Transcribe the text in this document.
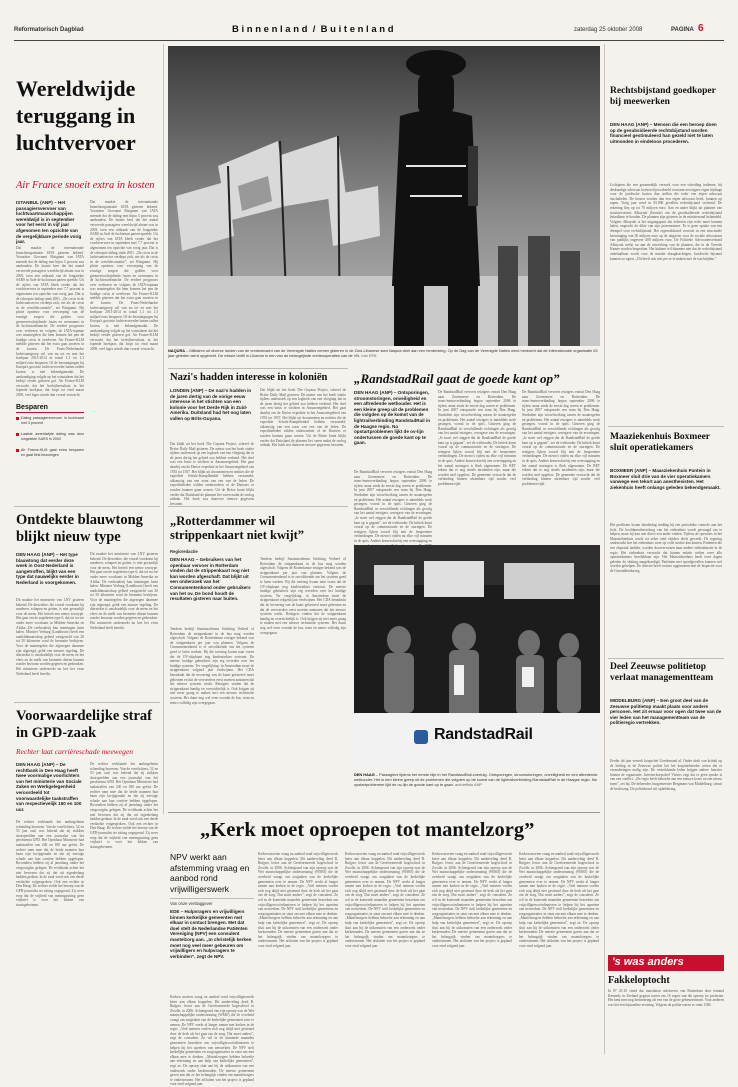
Reformatorisch Dagblad	B i n n e n l a n d  /  B u i t e n l a n d	zaterdag 25 oktober 2008	PAGINA 6
Wereldwijde teruggang in luchtvervoer
Air France snoeit extra in kosten
ISTANBUL (ANP) – Het passagiersvervoer van luchtvaartmaatschappijen wereldwijd is in september voor het eerst in vijf jaar afgenomen ten opzichte van de vergelijkbare periode vorig jaar.
Dat maakte de internationale brancheorganisatie IATA gisteren bekend. Voorzitter Giovanni Bisignani van IATA meende dat de daling met bijna 3 procent zou aanhouden. De laatste keer dat het aantal vervoerde passagiers wereldwijd afnam was in 2003, toen een uitbraak van de longziekte SARS in Azië de luchtvaart parten speelde. Uit de cijfers van IATA bleek verder dat het vrachtvervoer in september met 7,7 procent is afgenomen ten opzichte van vorig jaar. Dat is de scherpste daling sinds 2001. „De crisis in de luchtvaartsector verdiept zich, net als de crisis in de wereldeconomie”, zei Bisignani. Hij plotte opnieuw voor verwerping van de ernstige zorgen die golden voor grenzeverschrijdende fusies en overnames in de luchtvaartbranche. De eerdere prognoses over verliezen en volgens de IATA-topman was maatregelen die hem konnen het pen de huidige crisis te overleven. Air France-KLM meldde gisteren dat het extra gaat snoeien in de kosten. De Frans-Nederlandse luchtvaartgroep wil van nu tot en met het boekjaar 2013-2014 in totaal 1,1 tot 1,3 miljard euro besparen. Of de bezuinigingen bij Europa's grootste luchtvervoerder banen zullen kosten, is niet bekendgemaakt. De aankondiging volgde op het winstalarm dat het bedrijf eerder gisteren gaf. Air France-KLM verwacht dat het bedrijfsresultaat in het lopende boekjaar, dat loopt tot eind maart 2009, veel lager uitvalt dan vooraf verwacht.
Dat maakte de internationale brancheorganisatie IATA gisteren bekend. Voorzitter Giovanni Bisignani van IATA meende dat de daling met bijna 3 procent zou aanhouden. De laatste keer dat het aantal vervoerde passagiers wereldwijd afnam was in 2003, toen een uitbraak van de longziekte SARS in Azië de luchtvaart parten speelde. Uit de cijfers van IATA bleek verder dat het vrachtvervoer in september met 7,7 procent is afgenomen ten opzichte van vorig jaar. Dat is de scherpste daling sinds 2001. „De crisis in de luchtvaartsector verdiept zich, net als de crisis in de wereldeconomie”, zei Bisignani. Hij plotte opnieuw voor verwerping van de ernstige zorgen die golden voor grenzeverschrijdende fusies en overnames in de luchtvaartbranche. De eerdere prognoses over verliezen en volgens de IATA-topman was maatregelen die hem konnen het pen de huidige crisis te overleven. Air France-KLM meldde gisteren dat het extra gaat snoeien in de kosten. De Frans-Nederlandse luchtvaartgroep wil van nu tot en met het boekjaar 2013-2014 in totaal 1,1 tot 1,3 miljard euro besparen. Of de bezuinigingen bij Europa's grootste luchtvervoerder banen zullen kosten, is niet bekendgemaakt. De aankondiging volgde op het winstalarm dat het bedrijf eerder gisteren gaf. Air France-KLM verwacht dat het bedrijfsresultaat in het lopende boekjaar, dat loopt tot eind maart 2009, veel lager uitvalt dan vooraf verwacht.
Besparen
Daling passagiersvervoer in luchtvaart met 3 procent
Laatste wereldwijde daling was door longziekte SARS in 2003
Air France-KLM gaat extra besparen en gaat flink bezuinigen
Ontdekte blauwtong blijkt nieuw type
DEN HAAG (ANP) – Het type blauwtong dat eerder deze week in Oost-Nederland is aangetroffen, blijkt van een type dat nauwelijks eerder in Nederland is voorgekomen.
Dit maakte het ministerie van LNV gisteren bekend. De dierziekte, die vooral voorkomt bij runderen, schapen en geiten, is niet gevaarlijk voor de mens. Het betreft een nieuw serotype. Het gaat om de zogeheten type 6, dat tot nu toe onder meer voorkomt in Midden-Amerika en Afrika. De veehouderij kan inentingen laten halen. Minister Verburg (Landbouw) heeft een raadslidmaatschap gebied vastgesteld van 20 tot 50 kilometer rond de besmette bedrijven. Voor de maatregelen die afgezegen daarmee zijn afgezegd, geldt een nieuwe regeling. De dierziekte is onschadelijk voor de mens en het vlees en de melk van besmette dieren kunnen zonder bezwaar worden gegeten en gedronken. Het ministerie onderzoekt nu hoe het virus Nederland heeft bereikt.
Dit maakte het ministerie van LNV gisteren bekend. De dierziekte, die vooral voorkomt bij runderen, schapen en geiten, is niet gevaarlijk voor de mens. Het betreft een nieuw serotype. Het gaat om de zogeheten type 6, dat tot nu toe onder meer voorkomt in Midden-Amerika en Afrika. De veehouderij kan inentingen laten halen. Minister Verburg (Landbouw) heeft een raadslidmaatschap gebied vastgesteld van 20 tot 50 kilometer rond de besmette bedrijven. Voor de maatregelen die afgezegen daarmee zijn afgezegd, geldt een nieuwe regeling. De dierziekte is onschadelijk voor de mens en het vlees en de melk van besmette dieren kunnen zonder bezwaar worden gegeten en gedronken. Het ministerie onderzoekt nu hoe het virus Nederland heeft bereikt.
Voorwaardelijke straf in GPD-zaak
Rechter laat carrièreschade meewegen
DEN HAAG (ANP) – De rechtbank in Den Haag heeft twee voormalige voorlichters van het ministerie van Sociale Zaken en Werkgelegenheid veroordeeld tot voorwaardelijke taakstraffen van respectievelijk 150 en 100 uur.
De rechter verklaarde het ambtsgeheim schending bewezen. Van de voorlichters, 52 en 53 jaar oud, was bekend dat zij stukken doorspeelden aan een journalist van het persbureau GPD. Het Openbaar Ministerie had taakstraffen van 240 en 180 uur geëist. De rechter nam mee dat de beide mannen hun baan zijn kwijtgeraakt en dat zij ernstige schade aan hun carrière hebben opgelopen. Bovendien hebben zij al jarenlang onder het vergrootglas gelegen. De rechtbank achtte het niet bewezen dat zij dat uit eigenbelang hadden gedaan. In de zaak werd ook een derde verdachte vrijgesproken. Ook een rechter in Den Haag: De rechter stelde het beroep van de GPD-journalist ter zitting ongegrond. Zij wees erop dat de vrijheid van meningsuiting geen vrijbrief is voor het lekken van staatsgeheimen.
De rechter verklaarde het ambtsgeheim schending bewezen. Van de voorlichters, 52 en 53 jaar oud, was bekend dat zij stukken doorspeelden aan een journalist van het persbureau GPD. Het Openbaar Ministerie had taakstraffen van 240 en 180 uur geëist. De rechter nam mee dat de beide mannen hun baan zijn kwijtgeraakt en dat zij ernstige schade aan hun carrière hebben opgelopen. Bovendien hebben zij al jarenlang onder het vergrootglas gelegen. De rechtbank achtte het niet bewezen dat zij dat uit eigenbelang hadden gedaan. In de zaak werd ook een derde verdachte vrijgesproken. Ook een rechter in Den Haag: De rechter stelde het beroep van de GPD-journalist ter zitting ongegrond. Zij wees erop dat de vrijheid van meningsuiting geen vrijbrief is voor het lekken van staatsgeheimen.
NAQURA – Militairen uit diverse landen van de vredesmacht van de Verenigde Naties nemen gisteren in de Zuid-Libanese stad Naqura deel aan een herdenking. Op de Dag van de Verenigde Naties werd herdacht dat de internationale organisatie 63 jaar geleden werd opgericht. De missie Unifil in Libanon is een van de belangrijkste vredesoperaties van de VN. foto EPA
Nazi's hadden interesse in koloniën
LONDEN (ANP) – De nazi's hadden in de jaren dertig van de vorige eeuw interesse in het stichten van een kolonie voor het Derde Rijk in Zuid-Amerika. Duitsland had het oog laten vallen op Brits-Guyana.
Dat blijkt uit het boek The Guyana Project, schreef de Britse Daily Mail gisteren. De auteur van het boek stuitte tijdens onderzoek op een logboek van een vliegtuig dat in de jaren dertig het gebied zou hebben verkend. Het doel was een basis te stichten in Amazonegebied. Het gaat daarbij om de Duitse expeditie in het Amazonegebied van 1935 tot 1937. Het blijkt uit documenten en notities die de expeditie Schulz-Kampfhenkel hebben verzameld, afkomstig van een zoon van een van de leden. De expeditieleden wilden onderzoeken of de Duitsers er zouden kunnen gaan wonen. Uit de Britse krant blijkt verder dat Duitsland de plannen liet varen nadat de oorlog uitbrak. Het boek zou daarover nieuwe gegevens bevatten.
Dat blijkt uit het boek The Guyana Project, schreef de Britse Daily Mail gisteren. De auteur van het boek stuitte tijdens onderzoek op een logboek van een vliegtuig dat in de jaren dertig het gebied zou hebben verkend. Het doel was een basis te stichten in Amazonegebied. Het gaat daarbij om de Duitse expeditie in het Amazonegebied van 1935 tot 1937. Het blijkt uit documenten en notities die de expeditie Schulz-Kampfhenkel hebben verzameld, afkomstig van een zoon van een van de leden. De expeditieleden wilden onderzoeken of de Duitsers er zouden kunnen gaan wonen. Uit de Britse krant blijkt verder dat Duitsland de plannen liet varen nadat de oorlog uitbrak. Het boek zou daarover nieuwe gegevens bevatten.
„Rotterdammer wil strippenkaart niet kwijt”
Regioredactie
DEN HAAG – Gebruikers van het openbaar vervoer in Rotterdam vinden dat de strippenkaart nog niet kan worden afgeschaft. Dat blijkt uit een onderzoek van het Consumentenbond onder gebruikers van het ov. De bond houdt de resultaten gisteren naar buiten.
Tendens bedrijf Staatsmotbeum Stichting Verbeel of Rotterdam de strippenkaart in de bus mag worden afgeschaft. Volgens de Rotterdamse reiziger bekend was de strippenkaart per jaar van plannen. Volgens de Consumentenbond is er onvoldoende om het systeem goed te laten werken. Bij die toetsing kwam naar voren dat de OV-chipkaart nog kinderziektes vertoont. De meeste huidige gebruikers zijn erg tevreden over het huidige systeem. Ter vergelijking: in Amsterdam moet de strippenkaart volgend jaar verdwijnen. Het CDA benadrukt dat de invoering van de kaart gefaseerd moet gebeuren en dat de vervoerders eerst moeten aantonen dat het nieuwe systeem werkt. Reizigers vinden dat de strippenkaart handig en overzichtelijk is. Ook krijgen zij niet meer graag te maken met een nieuwe technische systeem. Het duurt nog wel even voordat de bus, tram en metro volledig zijn overgegaan.
Tendens bedrijf Staatsmotbeum Stichting Verbeel of Rotterdam de strippenkaart in de bus mag worden afgeschaft. Volgens de Rotterdamse reiziger bekend was de strippenkaart per jaar van plannen. Volgens de Consumentenbond is er onvoldoende om het systeem goed te laten werken. Bij die toetsing kwam naar voren dat de OV-chipkaart nog kinderziektes vertoont. De meeste huidige gebruikers zijn erg tevreden over het huidige systeem. Ter vergelijking: in Amsterdam moet de strippenkaart volgend jaar verdwijnen. Het CDA benadrukt dat de invoering van de kaart gefaseerd moet gebeuren en dat de vervoerders eerst moeten aantonen dat het nieuwe systeem werkt. Reizigers vinden dat de strippenkaart handig en overzichtelijk is. Ook krijgen zij niet meer graag te maken met een nieuwe technische systeem. Het duurt nog wel even voordat de bus, tram en metro volledig zijn overgegaan.
„RandstadRail gaat de goede kant op”
DEN HAAG (ANP) – Ontsporingen, stroomstoringen, onveiligheid en een aftredende wethouder. Het is een kleine greep uit de problemen die volgden op de komst van de lightrailverbinding RandstadRail in de Haagse regio. Na opstartproblemen lijkt de ov-lijn ondertussen de goede kant op te gaan.
De RandstadRail vervoert reizigers vanuit Den Haag naar Zoetermeer en Rotterdam. De tram-/metroverbinding begon september 2006 te rijden, maar sinds de eerste dag waren er problemen. In juni 2007 ontspoorde een tram bij Den Haag. Sindsdien zijn wisselwerking tussen de maatregelen en problemen. Het aantal reizigers is inmiddels sterk gestegen, vooral in de spits. Gisteren ging de RandstadRail in verschillende richtingen als gevolg van het aantal reizigers, weergave van de ervaringen. „Je moet wel zeggen dat de RandstadRail de goede kant op is gegaan”, zei de wethouder. De kritiek komt vooral op de communicatie en de storingen. De reizigers lijken vooral blij met de frequentere verbindingen. De metro's rijden nu elke vijf minuten in de spits. Andere komen dan bij een overstapping en
De RandstadRail vervoert reizigers vanuit Den Haag naar Zoetermeer en Rotterdam. De tram-/metroverbinding begon september 2006 te rijden, maar sinds de eerste dag waren er problemen. In juni 2007 ontspoorde een tram bij Den Haag. Sindsdien zijn wisselwerking tussen de maatregelen en problemen. Het aantal reizigers is inmiddels sterk gestegen, vooral in de spits. Gisteren ging de RandstadRail in verschillende richtingen als gevolg van het aantal reizigers, weergave van de ervaringen. „Je moet wel zeggen dat de RandstadRail de goede kant op is gegaan”, zei de wethouder. De kritiek komt vooral op de communicatie en de storingen. De reizigers lijken vooral blij met de frequentere verbindingen. De metro's rijden nu elke vijf minuten in de spits. Andere komen dan bij een overstapping en het aantal storingen is flink afgenomen. De RET erkent dat er nog steeds incidenten zijn, maar die worden snel opgelost. De gemeente verwacht dat de verbinding binnen afzienbare tijd zonder veel problemen rijdt.
De RandstadRail vervoert reizigers vanuit Den Haag naar Zoetermeer en Rotterdam. De tram-/metroverbinding begon september 2006 te rijden, maar sinds de eerste dag waren er problemen. In juni 2007 ontspoorde een tram bij Den Haag. Sindsdien zijn wisselwerking tussen de maatregelen en problemen. Het aantal reizigers is inmiddels sterk gestegen, vooral in de spits. Gisteren ging de RandstadRail in verschillende richtingen als gevolg van het aantal reizigers, weergave van de ervaringen. „Je moet wel zeggen dat de RandstadRail de goede kant op is gegaan”, zei de wethouder. De kritiek komt vooral op de communicatie en de storingen. De reizigers lijken vooral blij met de frequentere verbindingen. De metro's rijden nu elke vijf minuten in de spits. Andere komen dan bij een overstapping en het aantal storingen is flink afgenomen. De RET erkent dat er nog steeds incidenten zijn, maar die worden snel opgelost. De gemeente verwacht dat de verbinding binnen afzienbare tijd zonder veel problemen rijdt.
RandstadRail
DEN HAAG – Passagiers tijdens het eerste ritje in het RandstadRail-voertuig. Ontsporingen, stroomstoringen, onveiligheid en een aftredende wethouder. Het is een kleine greep uit de problemen die volgden op de komst van de lightrailverbinding RandstadRail in de Haagse regio. Na opstartproblemen lijkt de ov-lijn de goede kant op te gaan. archieffoto ANP
„Kerk moet oproepen tot mantelzorg”
NPV werkt aan afstemming vraag en aanbod rond vrijwilligerswerk
Van onze verslaggever
EDE – Hulpvragers en vrijwilligers binnen kerkelijke gemeenten met elkaar in contact brengen. Met dat doel stelt de Nederlandse Patiënten Vereniging (NPV) een consulent mantelzorg aan. „In christelijk kerken moet nog veel meer gebeuren om vrijwilligers en hulpvragers te verbinden”, zegt de NPV.
Kerken moeten vraag en aanbod rond vrijwilligerswerk beter aan elkaar koppelen. Dit aanbeveling deed R. Ruijper, lector aan de Gereformeerde hogeschool in Zwolle, in 2006. Achtergrond van zijn oproep was de Wet maatschappelijke ondersteuning (WMO) die de overheid vraagt om zorgtaken van de kerkelijke gemeenten over te nemen. De NPV werkt al langer samen met kerken in de regio. „Veel mensen voelen zich nog altijd niet gesteund door de kerk als het gaat om de zorg. Dat moet anders”, zegt de consulent. Ze wil in de komende maanden gemeenten bezoeken om vrijwilligerscoördinatoren te helpen bij het opzetten van netwerken. De NPV stelt kerkelijke gemeenten en zorgorganisaties in staat om met elkaar mee te denken. „Mantelzorgers hebben behoefte aan erkenning en aan hulp van kerkelijke gemeenten”, zegt ze. De oproep sluit aan bij de uitkomsten van een onderzoek onder kerkenraden. De meeste gemeenten gaven aan dat ze het belangrijk vinden om mantelzorgers te ondersteunen. Het afsluiten van het project is gepland voor eind volgend jaar.
Kerken moeten vraag en aanbod rond vrijwilligerswerk beter aan elkaar koppelen. Dit aanbeveling deed R. Ruijper, lector aan de Gereformeerde hogeschool in Zwolle, in 2006. Achtergrond van zijn oproep was de Wet maatschappelijke ondersteuning (WMO) die de overheid vraagt om zorgtaken van de kerkelijke gemeenten over te nemen. De NPV werkt al langer samen met kerken in de regio. „Veel mensen voelen zich nog altijd niet gesteund door de kerk als het gaat om de zorg. Dat moet anders”, zegt de consulent. Ze wil in de komende maanden gemeenten bezoeken om vrijwilligerscoördinatoren te helpen bij het opzetten van netwerken. De NPV stelt kerkelijke gemeenten en zorgorganisaties in staat om met elkaar mee te denken. „Mantelzorgers hebben behoefte aan erkenning en aan hulp van kerkelijke gemeenten”, zegt ze. De oproep sluit aan bij de uitkomsten van een onderzoek onder kerkenraden. De meeste gemeenten gaven aan dat ze het belangrijk vinden om mantelzorgers te ondersteunen. Het afsluiten van het project is gepland voor eind volgend jaar.
Kerken moeten vraag en aanbod rond vrijwilligerswerk beter aan elkaar koppelen. Dit aanbeveling deed R. Ruijper, lector aan de Gereformeerde hogeschool in Zwolle, in 2006. Achtergrond van zijn oproep was de Wet maatschappelijke ondersteuning (WMO) die de overheid vraagt om zorgtaken van de kerkelijke gemeenten over te nemen. De NPV werkt al langer samen met kerken in de regio. „Veel mensen voelen zich nog altijd niet gesteund door de kerk als het gaat om de zorg. Dat moet anders”, zegt de consulent. Ze wil in de komende maanden gemeenten bezoeken om vrijwilligerscoördinatoren te helpen bij het opzetten van netwerken. De NPV stelt kerkelijke gemeenten en zorgorganisaties in staat om met elkaar mee te denken. „Mantelzorgers hebben behoefte aan erkenning en aan hulp van kerkelijke gemeenten”, zegt ze. De oproep sluit aan bij de uitkomsten van een onderzoek onder kerkenraden. De meeste gemeenten gaven aan dat ze het belangrijk vinden om mantelzorgers te ondersteunen. Het afsluiten van het project is gepland voor eind volgend jaar.
Kerken moeten vraag en aanbod rond vrijwilligerswerk beter aan elkaar koppelen. Dit aanbeveling deed R. Ruijper, lector aan de Gereformeerde hogeschool in Zwolle, in 2006. Achtergrond van zijn oproep was de Wet maatschappelijke ondersteuning (WMO) die de overheid vraagt om zorgtaken van de kerkelijke gemeenten over te nemen. De NPV werkt al langer samen met kerken in de regio. „Veel mensen voelen zich nog altijd niet gesteund door de kerk als het gaat om de zorg. Dat moet anders”, zegt de consulent. Ze wil in de komende maanden gemeenten bezoeken om vrijwilligerscoördinatoren te helpen bij het opzetten van netwerken. De NPV stelt kerkelijke gemeenten en zorgorganisaties in staat om met elkaar mee te denken. „Mantelzorgers hebben behoefte aan erkenning en aan hulp van kerkelijke gemeenten”, zegt ze. De oproep sluit aan bij de uitkomsten van een onderzoek onder kerkenraden. De meeste gemeenten gaven aan dat ze het belangrijk vinden om mantelzorgers te ondersteunen. Het afsluiten van het project is gepland voor eind volgend jaar.
Kerken moeten vraag en aanbod rond vrijwilligerswerk beter aan elkaar koppelen. Dit aanbeveling deed R. Ruijper, lector aan de Gereformeerde hogeschool in Zwolle, in 2006. Achtergrond van zijn oproep was de Wet maatschappelijke ondersteuning (WMO) die de overheid vraagt om zorgtaken van de kerkelijke gemeenten over te nemen. De NPV werkt al langer samen met kerken in de regio. „Veel mensen voelen zich nog altijd niet gesteund door de kerk als het gaat om de zorg. Dat moet anders”, zegt de consulent. Ze wil in de komende maanden gemeenten bezoeken om vrijwilligerscoördinatoren te helpen bij het opzetten van netwerken. De NPV stelt kerkelijke gemeenten en zorgorganisaties in staat om met elkaar mee te denken. „Mantelzorgers hebben behoefte aan erkenning en aan hulp van kerkelijke gemeenten”, zegt ze. De oproep sluit aan bij de uitkomsten van een onderzoek onder kerkenraden. De meeste gemeenten gaven aan dat ze het belangrijk vinden om mantelzorgers te ondersteunen. Het afsluiten van het project is gepland voor eind volgend jaar.
Rechtsbijstand goedkoper bij meewerken
DEN HAAG (ANP) – Mensen die een beroep doen op de gesubsidieerde rechtsbijstand worden financieel gestimuleerd han gezeld niet te laten uitmonden in eindeloos procederen.
Lichtjaren die een gezamenlijk verzoek voor een scheiding indienen, bij deskundige advocaat hoeven bijvoorbeeld voortaan een lagere eigen bijdrage voor de juridische kosten dan stellen die ieder een eigen advocaat inschakelen. De kosten worden dan een eigen advocaat heeft, kunnen op rapen. Vorig jaar werd in 83.000 gevallen rechtsbijstand verleend. De rekening liep op tot 70 miljoen euro. Aan en ander blijkt uit plannen van staatssecretaris Albayrak (Justitie) om de gesubsidieerde rechtsbijstand betaalbaar te houden. De plannen zijn gisteren in de ministerraad behandeld. Volgens Albayrak is het uitgangspunt dat iedereen zijn recht moet kunnen halen, ongeacht de dikte van zijn portemonnee. Er is geen sprake van een drempel voor rechtsbijstand. Het regeerakkoord voorziet in een structurele bezuiniging van 50 miljoen euro op de uitgaven voor de sociale advocatuur van jaarlijks ongeveer 400 miljoen euro. De Politieke Advocatenverbond Albayrak werkt nu aan de uitwerking van de plannen, die in de Tweede Kamer worden besproken. Het kabinet wil daarmee niet dat de rechtsbijstand onbetaalbaar wordt voor de minder draagkrachtigen. Juridische bijstand kunnen zo rapen. „Dit heeft ook niet per se te maken met de wachttijden.”
Maaziekenhuis Boxmeer sluit operatiekamers
BOXMEER (ANP) – Maasziekenhuis Pantein in Boxmeer sluit drie van de vier operatiekamers vanwege een tekort aan anesthesisten. Het ziekenhuis heeft onlangs geleden bekendgemaakt.
Het probleem kwam donderdag middag bij een periodieke controle aan het licht. De hoofdanesthesioloog van het ziekenhuis wordt gevraagd om te helpen, maar hij kan niet direct een ander vinden. Tijdens de operaties in het Maasziekenhuis wordt tot zeker eind oktober deels gewerkt. De regering onderzoekt hoe het ziekenhuis weer op volle sterkte kan komen. Patiënten die een afspraak hadden, worden doorverwezen naar andere ziekenhuizen in de regio. Het ziekenhuis verwacht dat binnen enkele weken weer alle operatiekamers beschikbaar zijn. Het Maasziekenhuis heeft twee dagen geleden de sluiting aangekondigd. Patiënten met spoedgevallen kunnen wel worden geholpen. De directie heeft contact opgenomen met de Inspectie voor de Gezondheidszorg.
Deel Zeeuwse politietop verlaat managementteam
MIDDELBURG (ANP) – Een groot deel van de Zeeuwse politietop maakt plaats voor andere personen. Het zit ernaar voor ogen dat twee van de vier leden van het managementteam van de politieregio vertrekken.
Eerder dit jaar vertrok korpschef Goedemond al. Onder druk van kritiek op de leiding in de Zeeuwse politie liet het korpsbeheerder weten dat er veranderingen nodig zijn. De vertrekkende leden krijgen andere functies binnen de organisatie. Interim-korpschef Vissers zegt dat er geen sprake is van een conflict. „De regio heeft behoefte aan een nieuwe koers en een nieuw team”, zei hij. De beheerder, burgemeester Bergmans van Middelburg, steunt de beslissing. De politiebond wil opheldering.
's was anders
Fakkeloptocht
In 87 23-10 stond dat translation sidestreets van Rotterdam door iemand Kennedy in Zeeland gegaan waren om 16 regen van die oproep tot protesten. Het kent men nog herinnering als een van de grote gebeurtenissen. Voor anderen was het een bijzondere ervaring. Volgens de politie waren er ruim 1500.
